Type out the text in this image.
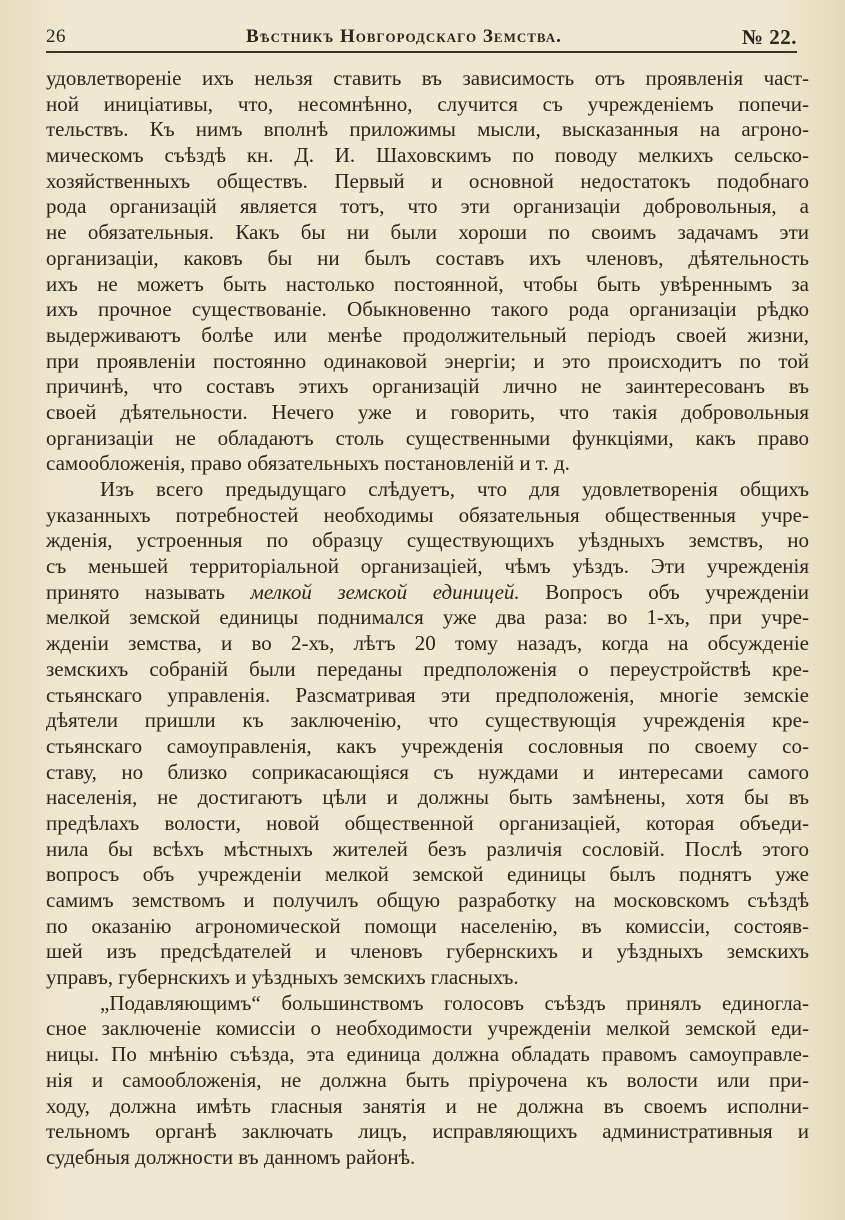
26	Вѣстникъ Новгородскаго Земства.	№ 22.
удовлетвореніе ихъ нельзя ставить въ зависимость отъ проявленія част-
ной иниціативы, что, несомнѣнно, случится съ учрежденіемъ попечи-
тельствъ. Къ нимъ вполнѣ приложимы мысли, высказанныя на агроно-
мическомъ съѣздѣ кн. Д. И. Шаховскимъ по поводу мелкихъ сельско-
хозяйственныхъ обществъ. Первый и основной недостатокъ подобнаго
рода организацій является тотъ, что эти организаціи добровольныя, а
не обязательныя. Какъ бы ни были хороши по своимъ задачамъ эти
организаціи, каковъ бы ни былъ составъ ихъ членовъ, дѣятельность
ихъ не можетъ быть настолько постоянной, чтобы быть увѣреннымъ за
ихъ прочное существованіе. Обыкновенно такого рода организаціи рѣдко
выдерживаютъ болѣе или менѣе продолжительный періодъ своей жизни,
при проявленіи постоянно одинаковой энергіи; и это происходитъ по той
причинѣ, что составъ этихъ организацій лично не заинтересованъ въ
своей дѣятельности. Нечего уже и говорить, что такія добровольныя
организаціи не обладаютъ столь существенными функціями, какъ право
самообложенія, право обязательныхъ постановленій и т. д.
Изъ всего предыдущаго слѣдуетъ, что для удовлетворенія общихъ
указанныхъ потребностей необходимы обязательныя общественныя учре-
жденія, устроенныя по образцу существующихъ уѣздныхъ земствъ, но
съ меньшей территоріальной организаціей, чѣмъ уѣздъ. Эти учрежденія
принято называть мелкой земской единицей. Вопросъ объ учрежденіи
мелкой земской единицы поднимался уже два раза: во 1-хъ, при учре-
жденіи земства, и во 2-хъ, лѣтъ 20 тому назадъ, когда на обсужденіе
земскихъ собраній были переданы предположенія о переустройствѣ кре-
стьянскаго управленія. Разсматривая эти предположенія, многіе земскіе
дѣятели пришли къ заключенію, что существующія учрежденія кре-
стьянскаго самоуправленія, какъ учрежденія сословныя по своему со-
ставу, но близко соприкасающіяся съ нуждами и интересами самого
населенія, не достигаютъ цѣли и должны быть замѣнены, хотя бы въ
предѣлахъ волости, новой общественной организаціей, которая объеди-
нила бы всѣхъ мѣстныхъ жителей безъ различія сословій. Послѣ этого
вопросъ объ учрежденіи мелкой земской единицы былъ поднятъ уже
самимъ земствомъ и получилъ общую разработку на московскомъ съѣздѣ
по оказанію агрономической помощи населенію, въ комиссіи, состояв-
шей изъ предсѣдателей и членовъ губернскихъ и уѣздныхъ земскихъ
управъ, губернскихъ и уѣздныхъ земскихъ гласныхъ.
„Подавляющимъ“ большинствомъ голосовъ съѣздъ принялъ единогла-
сное заключеніе комиссіи о необходимости учрежденіи мелкой земской еди-
ницы. По мнѣнію съѣзда, эта единица должна обладать правомъ самоуправле-
нія и самообложенія, не должна быть пріурочена къ волости или при-
ходу, должна имѣть гласныя занятія и не должна въ своемъ исполни-
тельномъ органѣ заключать лицъ, исправляющихъ административныя и
судебныя должности въ данномъ районѣ.
